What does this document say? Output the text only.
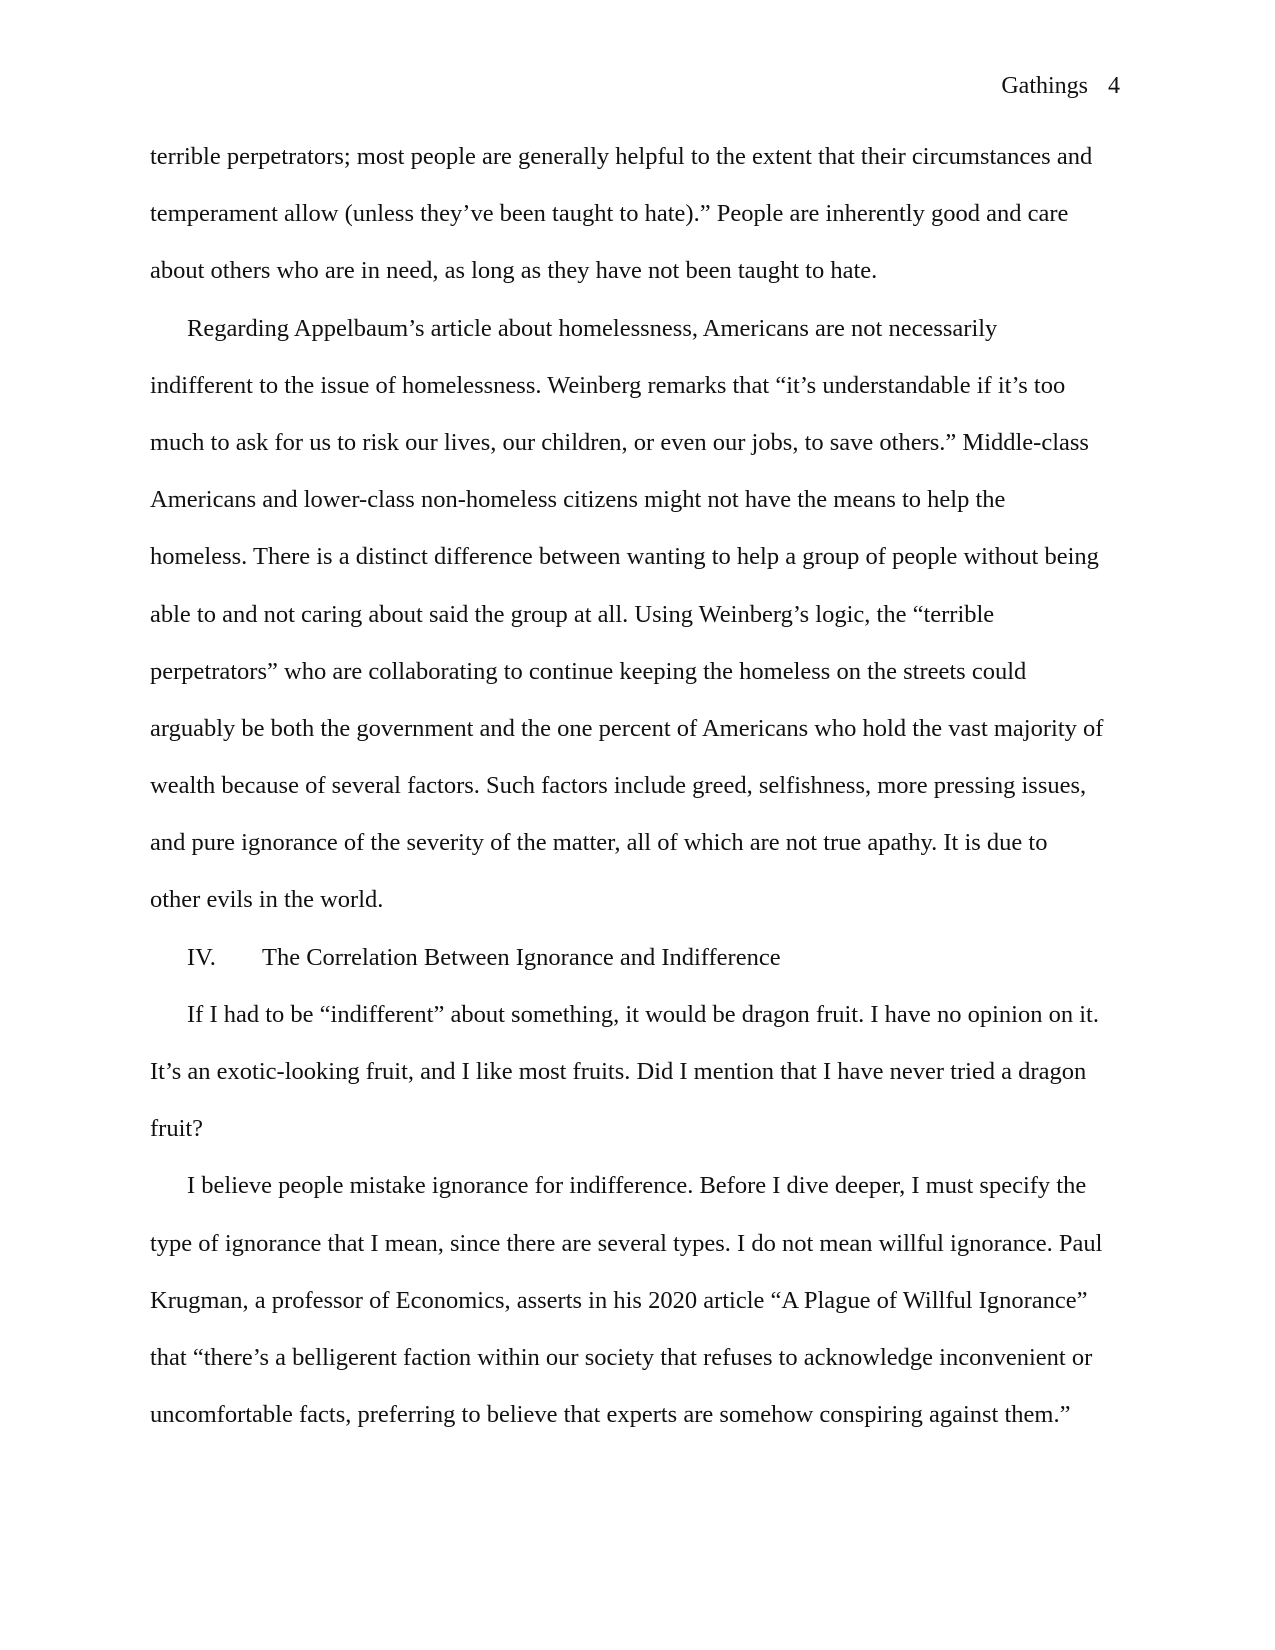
Gathings 4
terrible perpetrators; most people are generally helpful to the extent that their circumstances and
temperament allow (unless they’ve been taught to hate).” People are inherently good and care
about others who are in need, as long as they have not been taught to hate.
Regarding Appelbaum’s article about homelessness, Americans are not necessarily
indifferent to the issue of homelessness. Weinberg remarks that “it’s understandable if it’s too
much to ask for us to risk our lives, our children, or even our jobs, to save others.” Middle-class
Americans and lower-class non-homeless citizens might not have the means to help the
homeless. There is a distinct difference between wanting to help a group of people without being
able to and not caring about said the group at all. Using Weinberg’s logic, the “terrible
perpetrators” who are collaborating to continue keeping the homeless on the streets could
arguably be both the government and the one percent of Americans who hold the vast majority of
wealth because of several factors. Such factors include greed, selfishness, more pressing issues,
and pure ignorance of the severity of the matter, all of which are not true apathy. It is due to
other evils in the world.
IV. The Correlation Between Ignorance and Indifference
If I had to be “indifferent” about something, it would be dragon fruit. I have no opinion on it.
It’s an exotic-looking fruit, and I like most fruits. Did I mention that I have never tried a dragon
fruit?
I believe people mistake ignorance for indifference. Before I dive deeper, I must specify the
type of ignorance that I mean, since there are several types. I do not mean willful ignorance. Paul
Krugman, a professor of Economics, asserts in his 2020 article “A Plague of Willful Ignorance”
that “there’s a belligerent faction within our society that refuses to acknowledge inconvenient or
uncomfortable facts, preferring to believe that experts are somehow conspiring against them.”
